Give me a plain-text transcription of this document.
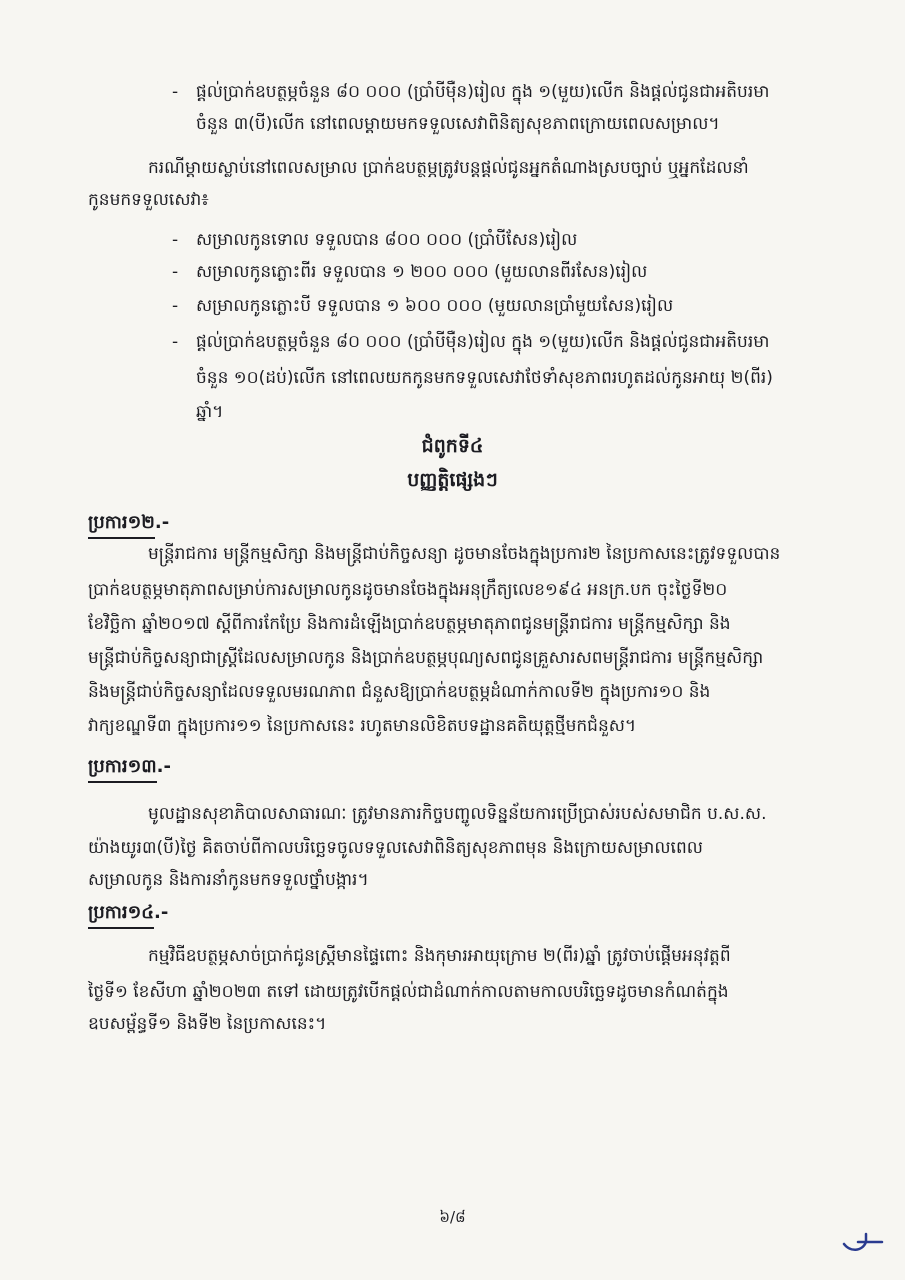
- ផ្តល់ប្រាក់ឧបត្ថម្ភចំនួន ៨០ ០០០ (ប្រាំបីម៉ឺន)រៀល ក្នុង ១(មួយ)លើក និងផ្តល់ជូនជាអតិបរមា
ចំនួន ៣(បី)លើក នៅពេលម្តាយមកទទួលសេវាពិនិត្យសុខភាពក្រោយពេលសម្រាល។
ករណីម្តាយស្លាប់នៅពេលសម្រាល ប្រាក់ឧបត្ថម្ភត្រូវបន្តផ្តល់ជូនអ្នកតំណាងស្របច្បាប់ ឬអ្នកដែលនាំ
កូនមកទទួលសេវា៖
- សម្រាលកូនទោល ទទួលបាន ៨០០ ០០០ (ប្រាំបីសែន)រៀល
- សម្រាលកូនភ្លោះពីរ ទទួលបាន ១ ២០០ ០០០ (មួយលានពីរសែន)រៀល
- សម្រាលកូនភ្លោះបី ទទួលបាន ១ ៦០០ ០០០ (មួយលានប្រាំមួយសែន)រៀល
- ផ្តល់ប្រាក់ឧបត្ថម្ភចំនួន ៨០ ០០០ (ប្រាំបីម៉ឺន)រៀល ក្នុង ១(មួយ)លើក និងផ្តល់ជូនជាអតិបរមា
ចំនួន ១០(ដប់)លើក នៅពេលយកកូនមកទទួលសេវាថែទាំសុខភាពរហូតដល់កូនអាយុ ២(ពីរ)
ឆ្នាំ។
ជំពូកទី៤
បញ្ញត្តិផ្សេងៗ
ប្រការ១២.-
មន្ត្រីរាជការ មន្ត្រីកម្មសិក្សា និងមន្ត្រីជាប់កិច្ចសន្យា ដូចមានចែងក្នុងប្រការ២ នៃប្រកាសនេះត្រូវទទួលបាន
ប្រាក់ឧបត្ថម្ភមាតុភាពសម្រាប់ការសម្រាលកូនដូចមានចែងក្នុងអនុក្រឹត្យលេខ១៩៤ អនក្រ.បក ចុះថ្ងៃទី២០
ខែវិច្ឆិកា ឆ្នាំ២០១៧ ស្តីពីការកែប្រែ និងការដំឡើងប្រាក់ឧបត្ថម្ភមាតុភាពជូនមន្ត្រីរាជការ មន្ត្រីកម្មសិក្សា និង
មន្ត្រីជាប់កិច្ចសន្យាជាស្ត្រីដែលសម្រាលកូន និងប្រាក់ឧបត្ថម្ភបុណ្យសពជូនគ្រួសារសពមន្ត្រីរាជការ មន្ត្រីកម្មសិក្សា
និងមន្ត្រីជាប់កិច្ចសន្យាដែលទទួលមរណភាព ជំនួសឱ្យប្រាក់ឧបត្ថម្ភដំណាក់កាលទី២ ក្នុងប្រការ១០ និង
វាក្យខណ្ឌទី៣ ក្នុងប្រការ១១ នៃប្រកាសនេះ រហូតមានលិខិតបទដ្ឋានគតិយុត្តថ្មីមកជំនួស។
ប្រការ១៣.-
មូលដ្ឋានសុខាភិបាលសាធារណៈ ត្រូវមានភារកិច្ចបញ្ចូលទិន្នន័យការប្រើប្រាស់របស់សមាជិក ប.ស.ស.
យ៉ាងយូរ៣(បី)ថ្ងៃ គិតចាប់ពីកាលបរិច្ឆេទចូលទទួលសេវាពិនិត្យសុខភាពមុន និងក្រោយសម្រាលពេល
សម្រាលកូន និងការនាំកូនមកទទួលថ្នាំបង្ការ។
ប្រការ១៤.-
កម្មវិធីឧបត្ថម្ភសាច់ប្រាក់ជូនស្ត្រីមានផ្ទៃពោះ និងកុមារអាយុក្រោម ២(ពីរ)ឆ្នាំ ត្រូវចាប់ផ្តើមអនុវត្តពី
ថ្ងៃទី១ ខែសីហា ឆ្នាំ២០២៣ តទៅ ដោយត្រូវបើកផ្តល់ជាដំណាក់កាលតាមកាលបរិច្ឆេទដូចមានកំណត់ក្នុង
ឧបសម្ព័ន្ធទី១ និងទី២ នៃប្រកាសនេះ។
៦/៨
